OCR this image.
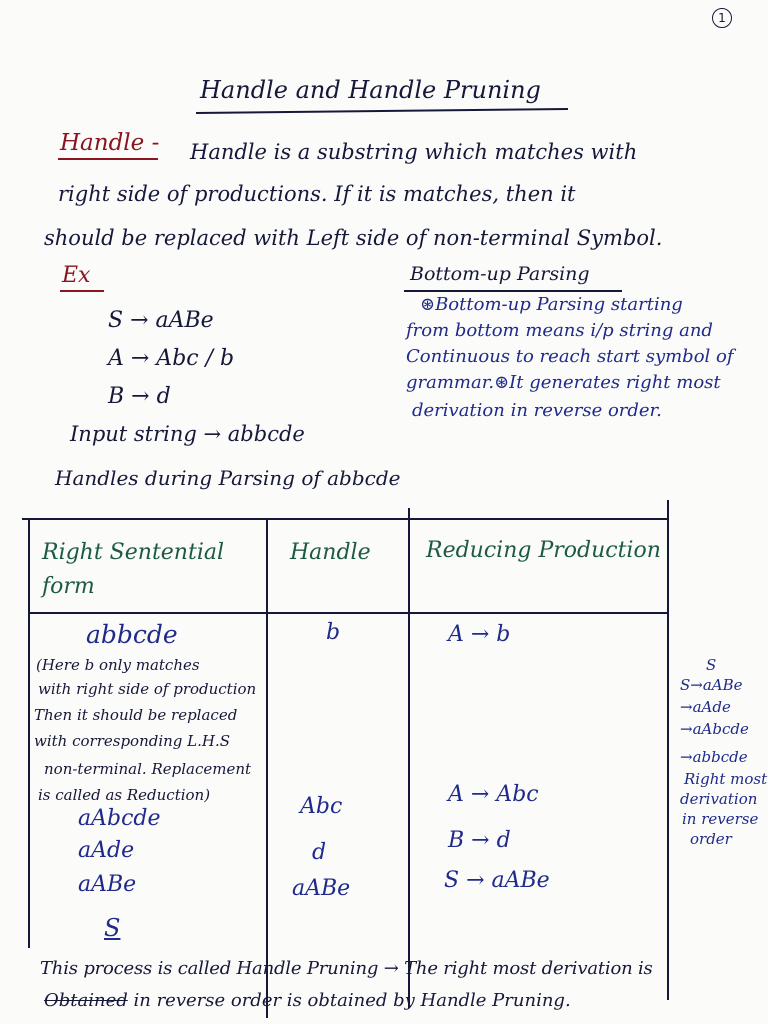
1
Handle and Handle Pruning
Handle - Handle is a substring which matches with
right side of productions. If it is matches, then it
should be replaced with Left side of non-terminal Symbol.
Ex
S → aABe
A → Abc / b
B → d
Input string → abbcde
Handles during Parsing of abbcde
Bottom-up Parsing
⊛Bottom-up Parsing starting
from bottom means i/p string and
Continuous to reach start symbol of
grammar.⊛It generates right most
derivation in reverse order.
Right Sentential form
Handle	Reducing Production
abbcde	b	A → b
(Here b only matches
with right side of production
Then it should be replaced
with corresponding L.H.S
non-terminal. Replacement
is called as Reduction)
aAbcde	Abc	A → Abc
aAde	d	B → d
aABe	aABe	S → aABe
S
S
S→aABe
→aAde
→aAbcde
→abbcde
Right most
derivation
in reverse
order
This process is called Handle Pruning → The right most derivation is
Obtained in reverse order is obtained by Handle Pruning.
